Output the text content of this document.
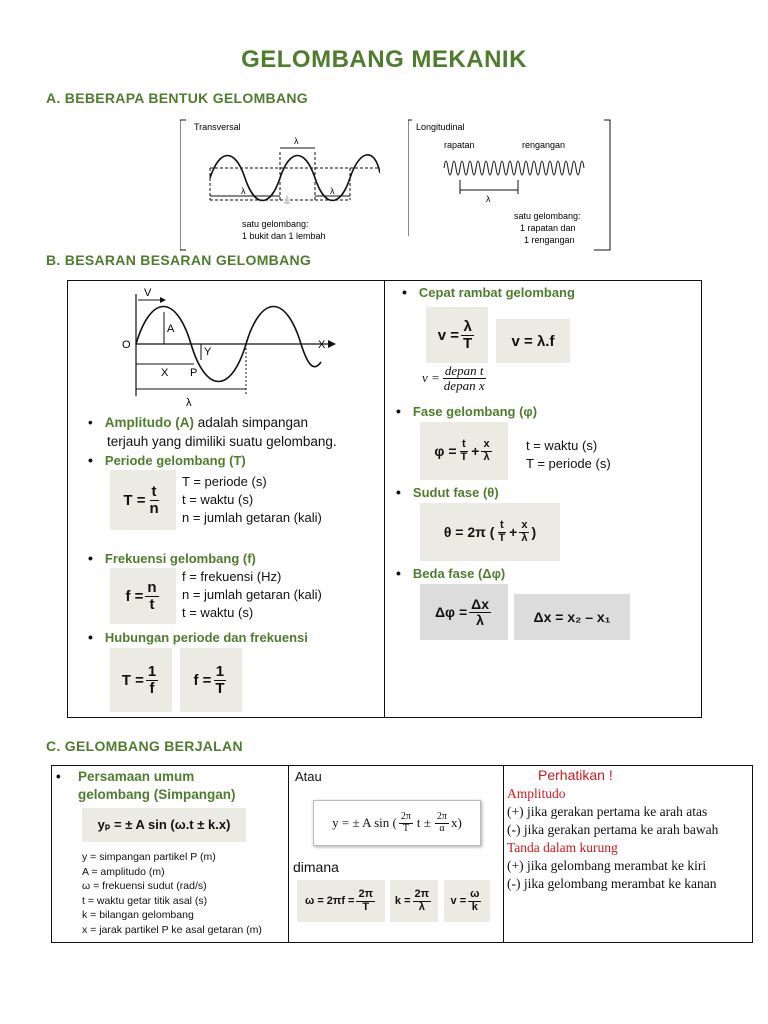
GELOMBANG MEKANIK
A. BEBERAPA BENTUK GELOMBANG
Transversal
λ
λ	λ
satu gelombang:
1 bukit dan 1 lembah
Longitudinal
rapatan	rengangan
λ
satu gelombang:
1 rapatan dan
1 rengangan
B. BESARAN BESARAN GELOMBANG
V
O	X
A
Y
X P
λ
• Amplitudo (A) adalah simpangan
terjauh yang dimiliki suatu gelombang.
• Periode gelombang (T)
$T = \frac{t}{n}$
T = periode (s)
t = waktu (s)
n = jumlah getaran (kali)
• Frekuensi gelombang (f)
$f = \frac{n}{t}$
f = frekuensi (Hz)
n = jumlah getaran (kali)
t = waktu (s)
• Hubungan periode dan frekuensi
$T = \frac{1}{f}$ $f = \frac{1}{T}$
• Cepat rambat gelombang
$v = \frac{\lambda}{T}$	v = λ.f
$v = \frac{\text{depan t}}{\text{depan x}}$
• Fase gelombang (φ)
$\varphi = \frac{t}{T} + \frac{x}{\lambda}$	t = waktu (s)
T = periode (s)
• Sudut fase (θ)
θ = 2π ( $\frac{t}{T} + \frac{x}{\lambda}$ )
• Beda fase (Δφ)
$\Delta\varphi = \frac{\Delta x}{\lambda}$	Δx = x₂ – x₁
C. GELOMBANG BERJALAN
• Persamaan umum gelombang (Simpangan)
yₚ = ± A sin (ω.t ± k.x)
y = simpangan partikel P (m)
A = amplitudo (m)
ω = frekuensi sudut (rad/s)
t = waktu getar titik asal (s)
k = bilangan gelombang
x = jarak partikel P ke asal getaran (m)
Atau
y = ± A sin ( $\frac{2\pi}{T}$ $t \pm \frac{2\pi}{\alpha} x$)
dimana
$\omega = 2\pi f = \frac{2\pi}{T}$ $k = \frac{2\pi}{\lambda}$ $v = \frac{\omega}{k}$
Perhatikan !
Amplitudo
(+) jika gerakan pertama ke arah atas
(-) jika gerakan pertama ke arah bawah
Tanda dalam kurung
(+) jika gelombang merambat ke kiri
(-) jika gelombang merambat ke kanan
